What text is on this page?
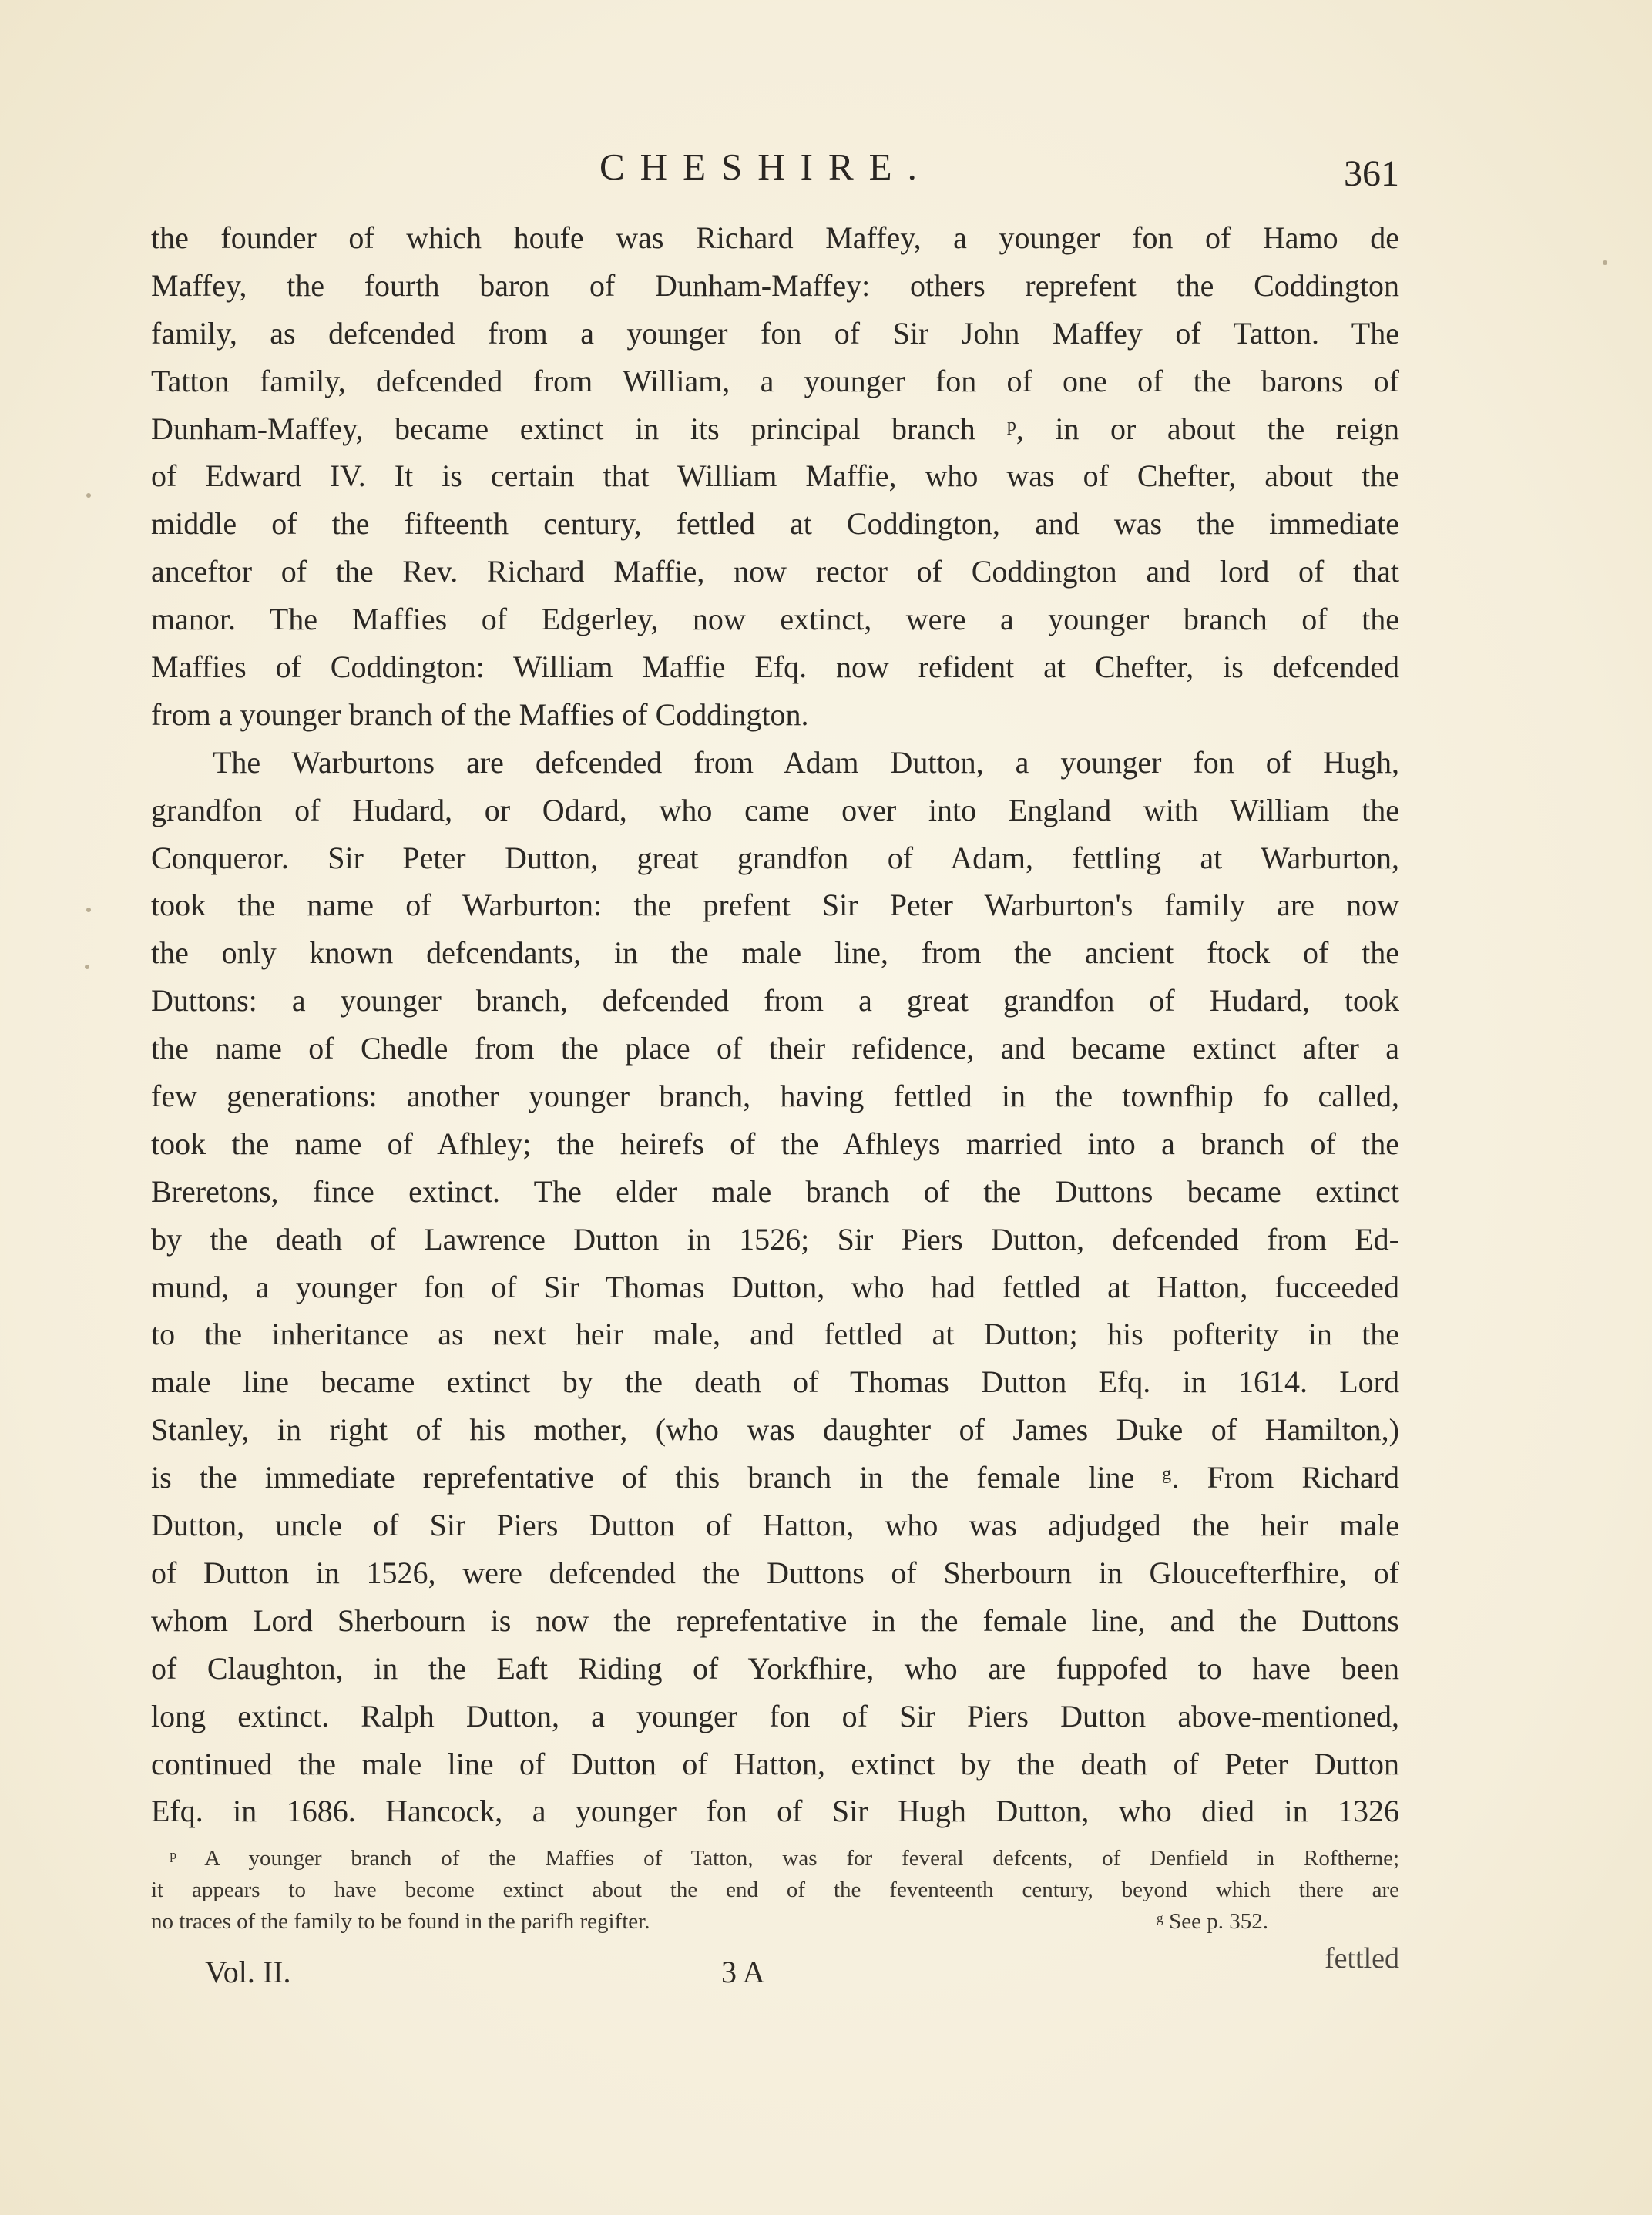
CHESHIRE.	361
the founder of which houfe was Richard Maffey, a younger fon of Hamo de
Maffey, the fourth baron of Dunham-Maffey: others reprefent the Coddington
family, as defcended from a younger fon of Sir John Maffey of Tatton. The
Tatton family, defcended from William, a younger fon of one of the barons of
Dunham-Maffey, became extinct in its principal branch ᵖ, in or about the reign
of Edward IV. It is certain that William Maffie, who was of Chefter, about the
middle of the fifteenth century, fettled at Coddington, and was the immediate
anceftor of the Rev. Richard Maffie, now rector of Coddington and lord of that
manor. The Maffies of Edgerley, now extinct, were a younger branch of the
Maffies of Coddington: William Maffie Efq. now refident at Chefter, is defcended
from a younger branch of the Maffies of Coddington.
The Warburtons are defcended from Adam Dutton, a younger fon of Hugh,
grandfon of Hudard, or Odard, who came over into England with William the
Conqueror. Sir Peter Dutton, great grandfon of Adam, fettling at Warburton,
took the name of Warburton: the prefent Sir Peter Warburton's family are now
the only known defcendants, in the male line, from the ancient ftock of the
Duttons: a younger branch, defcended from a great grandfon of Hudard, took
the name of Chedle from the place of their refidence, and became extinct after a
few generations: another younger branch, having fettled in the townfhip fo called,
took the name of Afhley; the heirefs of the Afhleys married into a branch of the
Breretons, fince extinct. The elder male branch of the Duttons became extinct
by the death of Lawrence Dutton in 1526; Sir Piers Dutton, defcended from Ed-
mund, a younger fon of Sir Thomas Dutton, who had fettled at Hatton, fucceeded
to the inheritance as next heir male, and fettled at Dutton; his pofterity in the
male line became extinct by the death of Thomas Dutton Efq. in 1614. Lord
Stanley, in right of his mother, (who was daughter of James Duke of Hamilton,)
is the immediate reprefentative of this branch in the female line ᵍ. From Richard
Dutton, uncle of Sir Piers Dutton of Hatton, who was adjudged the heir male
of Dutton in 1526, were defcended the Duttons of Sherbourn in Gloucefterfhire, of
whom Lord Sherbourn is now the reprefentative in the female line, and the Duttons
of Claughton, in the Eaft Riding of Yorkfhire, who are fuppofed to have been
long extinct. Ralph Dutton, a younger fon of Sir Piers Dutton above-mentioned,
continued the male line of Dutton of Hatton, extinct by the death of Peter Dutton
Efq. in 1686. Hancock, a younger fon of Sir Hugh Dutton, who died in 1326
ᵖ A younger branch of the Maffies of Tatton, was for feveral defcents, of Denfield in Roftherne;
it appears to have become extinct about the end of the feventeenth century, beyond which there are
no traces of the family to be found in the parifh regifter.	ᵍ See p. 352.
Vol. II.	3 A	fettled
